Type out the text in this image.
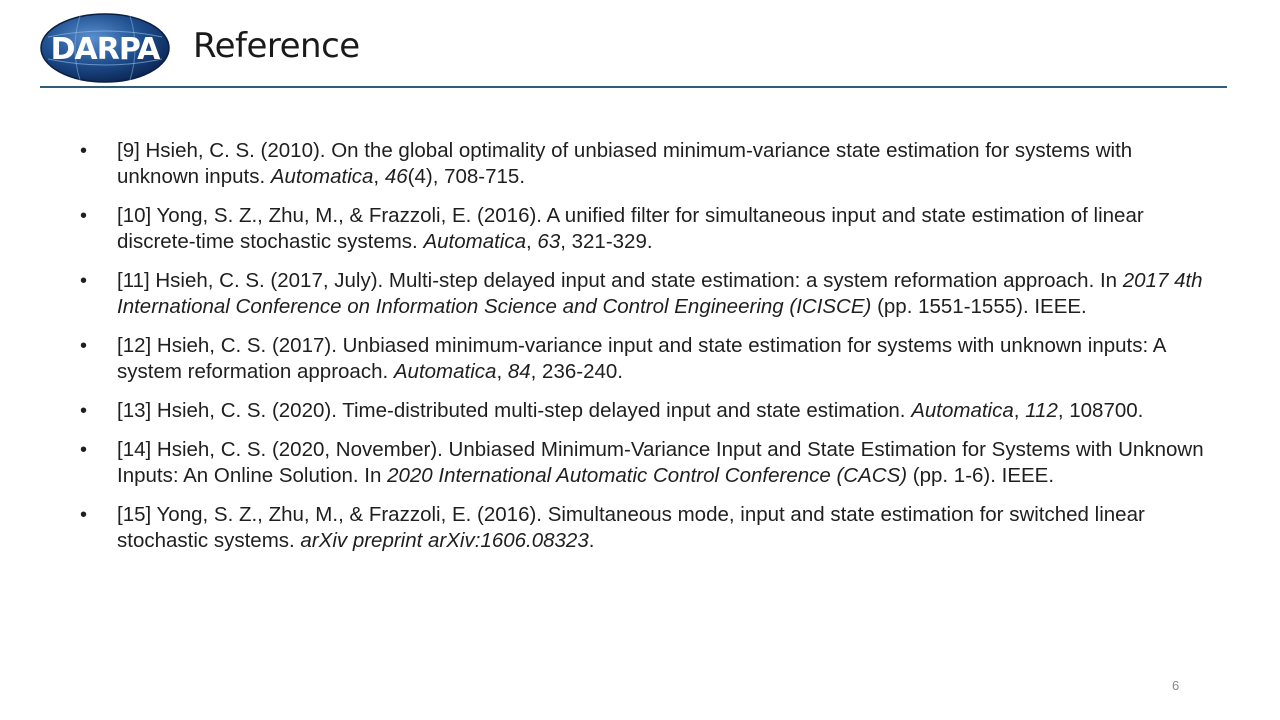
DARPA Reference
• [9] Hsieh, C. S. (2010). On the global optimality of unbiased minimum-variance state estimation for systems with unknown inputs. Automatica, 46(4), 708-715.
• [10] Yong, S. Z., Zhu, M., & Frazzoli, E. (2016). A unified filter for simultaneous input and state estimation of linear discrete-time stochastic systems. Automatica, 63, 321-329.
• [11] Hsieh, C. S. (2017, July). Multi-step delayed input and state estimation: a system reformation approach. In 2017 4th International Conference on Information Science and Control Engineering (ICISCE) (pp. 1551-1555). IEEE.
• [12] Hsieh, C. S. (2017). Unbiased minimum-variance input and state estimation for systems with unknown inputs: A system reformation approach. Automatica, 84, 236-240.
• [13] Hsieh, C. S. (2020). Time-distributed multi-step delayed input and state estimation. Automatica, 112, 108700.
• [14] Hsieh, C. S. (2020, November). Unbiased Minimum-Variance Input and State Estimation for Systems with Unknown Inputs: An Online Solution. In 2020 International Automatic Control Conference (CACS) (pp. 1-6). IEEE.
• [15] Yong, S. Z., Zhu, M., & Frazzoli, E. (2016). Simultaneous mode, input and state estimation for switched linear stochastic systems. arXiv preprint arXiv:1606.08323.
6
